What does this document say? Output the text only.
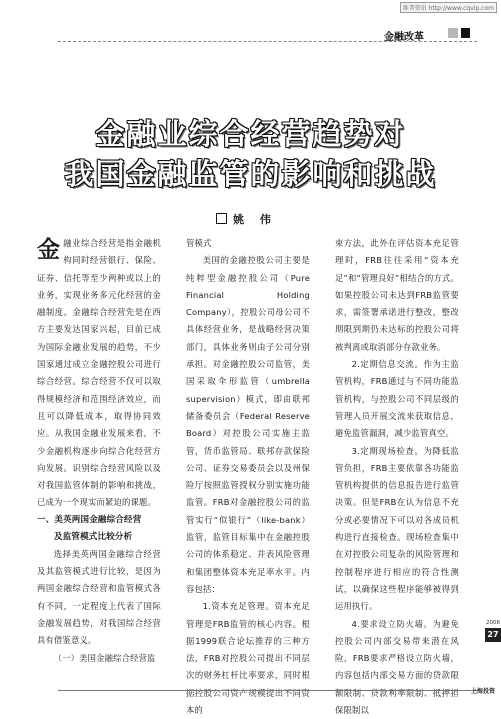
维普资讯 http://www.cqvip.com
金融改革
金融业综合经营趋势对
我国金融监管的影响和挑战
姚 伟

金融业综合经营是指金融机构同时经营银行、保险、证券、信托等至少两种或以上的业务，实现业务多元化经营的金融制度。金融综合经营先是在西方主要发达国家兴起，目前已成为国际金融业发展的趋势，不少国家通过成立金融控股公司进行综合经营。综合经营不仅可以取得规模经济和范围经济效应，而且可以降低成本，取得协同效应。从我国金融业发展来看，不少金融机构逐步向综合化经营方向发展。识别综合经营风险以及对我国监管体制的影响和挑战，已成为一个现实而紧迫的课题。

一、美英两国金融综合经营
及监管模式比较分析

选择美英两国金融综合经营及其监管模式进行比较，是因为两国金融综合经营和监管模式各有不同，一定程度上代表了国际金融发展趋势，对我国综合经营具有借鉴意义。

（一）美国金融综合经营监

管模式

美国的金融控股公司主要是纯粹型金融控股公司（Pure Financial Holding Company），控股公司母公司不具体经营业务，是战略经营决策部门，具体业务则由子公司分别承担。对金融控股公司监管，美国采取伞形监管（umbrella supervision）模式，即由联邦储备委员会（Federal Reserve Board）对控股公司实施主监管，货币监管局、联邦存款保险公司、证券交易委员会以及州保险厅按照监管授权分别实施功能监管。FRB对金融控股公司的监管实行“似银行”（like-bank）监管，监管目标集中在金融控股公司的体系稳定、并表风险管理和集团整体资本充足率水平。内容包括：

1.资本充足管理。资本充足管理是FRB监管的核心内容。根据1999联合论坛推荐的三种方法，FRB对控股公司提出不同层次的财务杠杆比率要求，同时根据控股公司资产规模提出不同资本的

束方法，此外在评估资本充足管理时，FRB往往采用“资本充足”和“管理良好”相结合的方式。如果控股公司未达到FRB监管要求，需签署承诺进行整改，整改期限到期仍未达标的控股公司将被判离或取消部分存款业务。

2.定期信息交流。作为主监管机构，FRB通过与不同功能监管机构，与控股公司不同层级的管理人员开展交流来获取信息，避免监管漏洞，减少监管真空。

3.定期现场检查。为降低监管负担，FRB主要依靠各功能监管机构提供的信息报告进行监管决策。但是FRB在认为信息不充分或必要情况下可以对各成员机构进行直接检查。现场检查集中在对控股公司复杂的风险管理和控制程序进行相应的符合性测试，以确保这些程序能够被得到运用执行。

4.要求设立防火墙。为避免控股公司内部交易带来潜在风险，FRB要求严格设立防火墙，内容包括内部交易方面的贷款限额限制、贷款利率限制、抵押担保限制以

2006
27
上海投资
